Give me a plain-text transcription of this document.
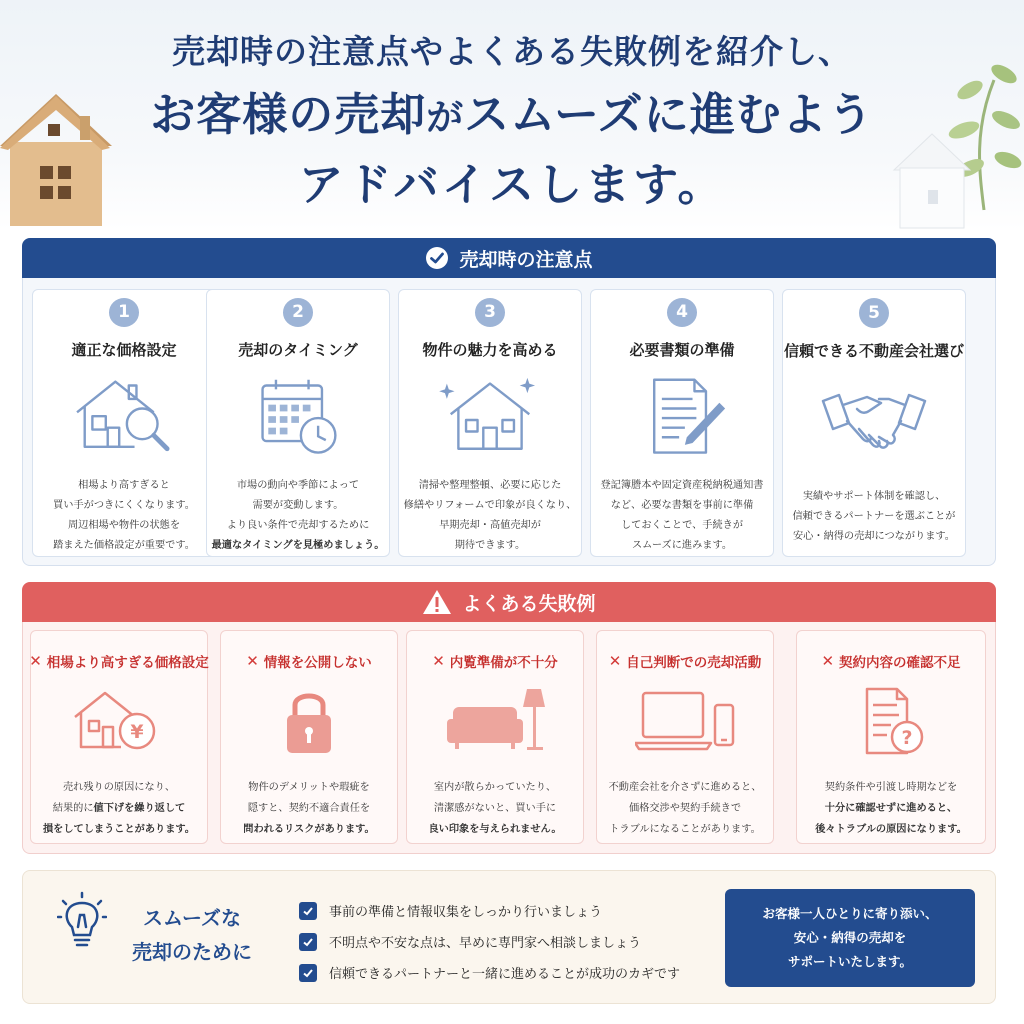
売却時の注意点やよくある失敗例を紹介し、
お客様の売却がスムーズに進むよう
アドバイスします。
売却時の注意点
1
適正な価格設定
相場より高すぎると
買い手がつきにくくなります。
周辺相場や物件の状態を
踏まえた価格設定が重要です。
2
売却のタイミング
市場の動向や季節によって
需要が変動します。
より良い条件で売却するために
最適なタイミングを見極めましょう。
3
物件の魅力を高める
清掃や整理整頓、必要に応じた
修繕やリフォームで印象が良くなり、
早期売却・高値売却が
期待できます。
4
必要書類の準備
登記簿謄本や固定資産税納税通知書
など、必要な書類を事前に準備
しておくことで、手続きが
スムーズに進みます。
5
信頼できる不動産会社選び
実績やサポート体制を確認し、
信頼できるパートナーを選ぶことが
安心・納得の売却につながります。
よくある失敗例
✕ 相場より高すぎる価格設定
¥
売れ残りの原因になり、
結果的に値下げを繰り返して
損をしてしまうことがあります。
✕ 情報を公開しない
物件のデメリットや瑕疵を
隠すと、契約不適合責任を
問われるリスクがあります。
✕ 内覧準備が不十分
室内が散らかっていたり、
清潔感がないと、買い手に
良い印象を与えられません。
✕ 自己判断での売却活動
不動産会社を介さずに進めると、
価格交渉や契約手続きで
トラブルになることがあります。
✕ 契約内容の確認不足
?
契約条件や引渡し時期などを
十分に確認せずに進めると、
後々トラブルの原因になります。
スムーズな
売却のために
事前の準備と情報収集をしっかり行いましょう
不明点や不安な点は、早めに専門家へ相談しましょう
信頼できるパートナーと一緒に進めることが成功のカギです
お客様一人ひとりに寄り添い、
安心・納得の売却を
サポートいたします。
